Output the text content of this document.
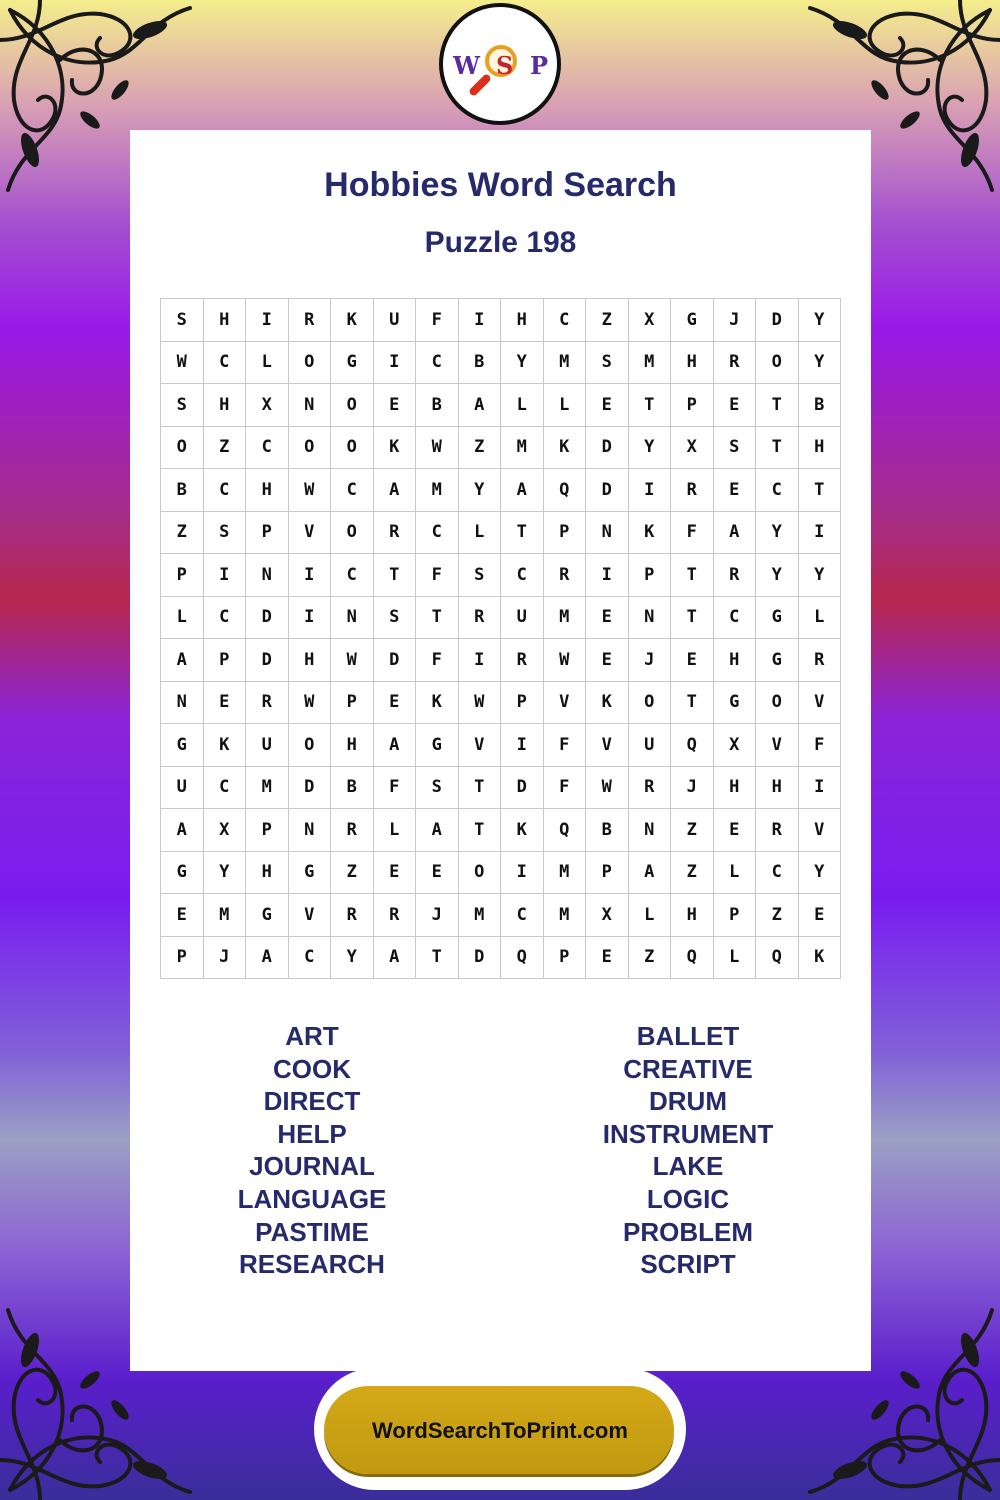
Hobbies Word Search
Puzzle 198
S	H	I	R	K	U	F	I	H	C	Z	X	G	J	D	Y
W	C	L	O	G	I	C	B	Y	M	S	M	H	R	O	Y
S	H	X	N	O	E	B	A	L	L	E	T	P	E	T	B
O	Z	C	O	O	K	W	Z	M	K	D	Y	X	S	T	H
B	C	H	W	C	A	M	Y	A	Q	D	I	R	E	C	T
Z	S	P	V	O	R	C	L	T	P	N	K	F	A	Y	I
P	I	N	I	C	T	F	S	C	R	I	P	T	R	Y	Y
L	C	D	I	N	S	T	R	U	M	E	N	T	C	G	L
A	P	D	H	W	D	F	I	R	W	E	J	E	H	G	R
N	E	R	W	P	E	K	W	P	V	K	O	T	G	O	V
G	K	U	O	H	A	G	V	I	F	V	U	Q	X	V	F
U	C	M	D	B	F	S	T	D	F	W	R	J	H	H	I
A	X	P	N	R	L	A	T	K	Q	B	N	Z	E	R	V
G	Y	H	G	Z	E	E	O	I	M	P	A	Z	L	C	Y
E	M	G	V	R	R	J	M	C	M	X	L	H	P	Z	E
P	J	A	C	Y	A	T	D	Q	P	E	Z	Q	L	Q	K
ART
COOK
DIRECT
HELP
JOURNAL
LANGUAGE
PASTIME
RESEARCH
BALLET
CREATIVE
DRUM
INSTRUMENT
LAKE
LOGIC
PROBLEM
SCRIPT
W S P
WordSearchToPrint.com
